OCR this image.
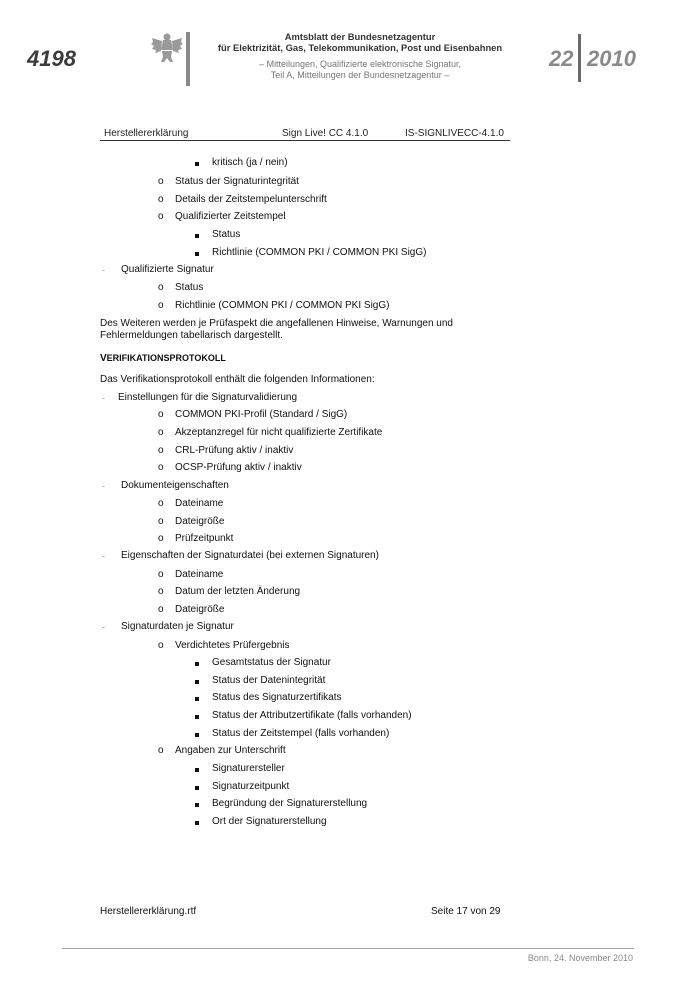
4198
Amtsblatt der Bundesnetzagentur
für Elektrizität, Gas, Telekommunikation, Post und Eisenbahnen
– Mitteilungen, Qualifizierte elektronische Signatur,
Teil A, Mitteilungen der Bundesnetzagentur –
22 2010
Herstellererklärung	Sign Live! CC 4.1.0	IS-SIGNLIVECC-4.1.0
kritisch (ja / nein)
o Status der Signaturintegrität
o Details der Zeitstempelunterschrift
o Qualifizierter Zeitstempel
Status
Richtlinie (COMMON PKI / COMMON PKI SigG)
- Qualifizierte Signatur
o Status
o Richtlinie (COMMON PKI / COMMON PKI SigG)
Des Weiteren werden je Prüfaspekt die angefallenen Hinweise, Warnungen und Fehlermeldungen tabellarisch dargestellt.
VERIFIKATIONSPROTOKOLL
Das Verifikationsprotokoll enthält die folgenden Informationen:
- Einstellungen für die Signaturvalidierung
o COMMON PKI-Profil (Standard / SigG)
o Akzeptanzregel für nicht qualifizierte Zertifikate
o CRL-Prüfung aktiv / inaktiv
o OCSP-Prüfung aktiv / inaktiv
- Dokumenteigenschaften
o Dateiname
o Dateigröße
o Prüfzeitpunkt
- Eigenschaften der Signaturdatei (bei externen Signaturen)
o Dateiname
o Datum der letzten Änderung
o Dateigröße
- Signaturdaten je Signatur
o Verdichtetes Prüfergebnis
Gesamtstatus der Signatur
Status der Datenintegrität
Status des Signaturzertifikats
Status der Attributzertifikate (falls vorhanden)
Status der Zeitstempel (falls vorhanden)
o Angaben zur Unterschrift
Signaturersteller
Signaturzeitpunkt
Begründung der Signaturerstellung
Ort der Signaturerstellung
Herstellererklärung.rtf	Seite 17 von 29
Bonn, 24. November 2010
